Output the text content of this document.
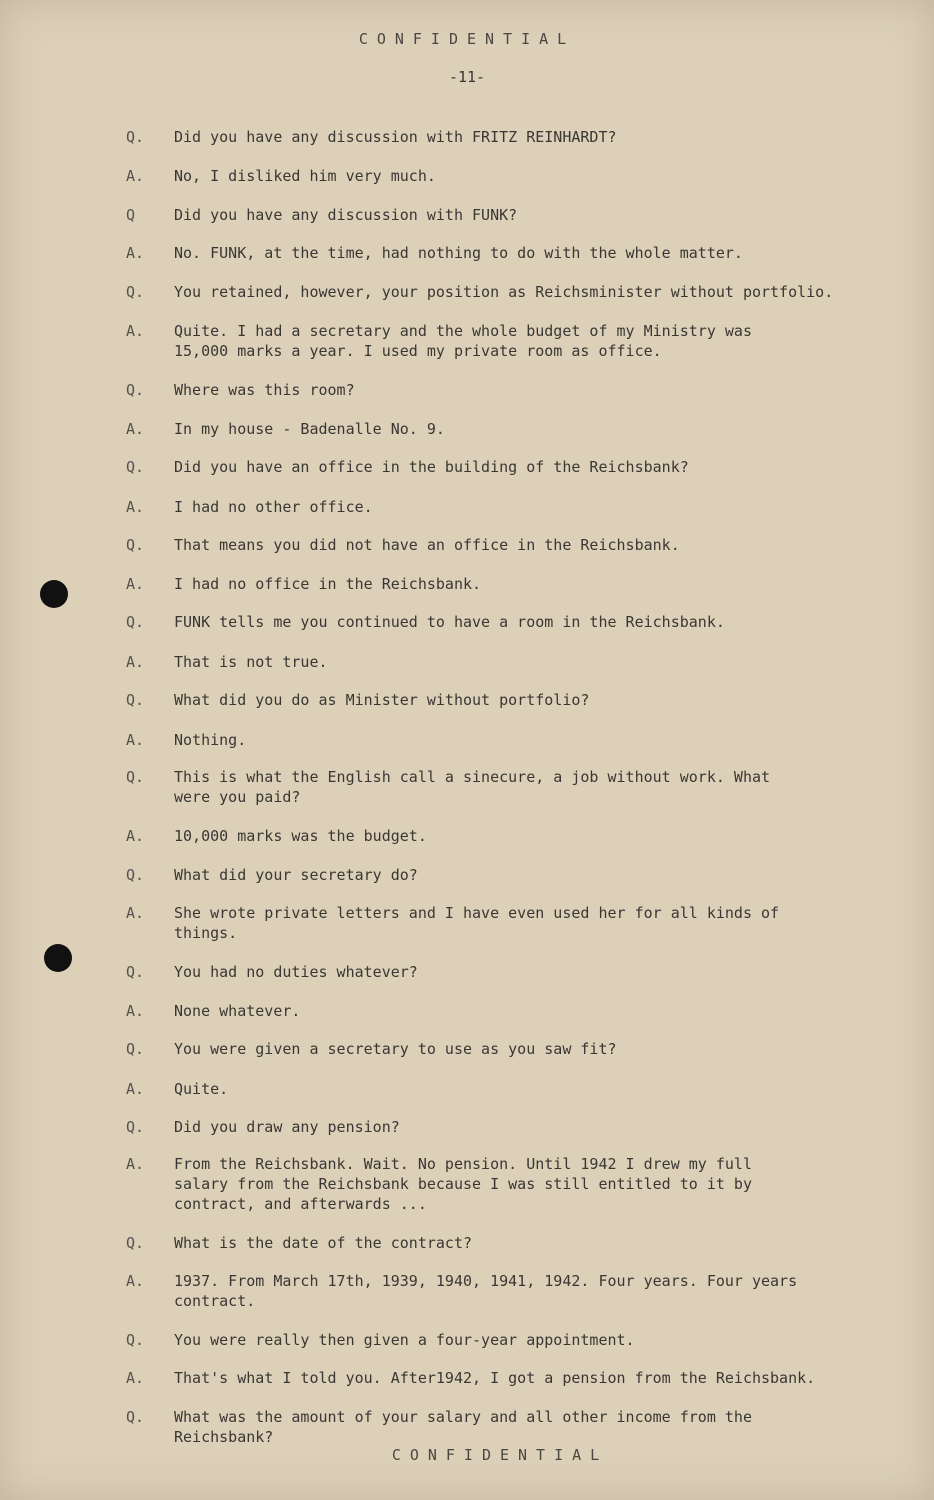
CONFIDENTIAL
-11-
Q.	Did you have any discussion with FRITZ REINHARDT?
A.	No, I disliked him very much.
Q	Did you have any discussion with FUNK?
A.	No. FUNK, at the time, had nothing to do with the whole matter.
Q.	You retained, however, your position as Reichsminister without portfolio.
A.	Quite. I had a secretary and the whole budget of my Ministry was
15,000 marks a year. I used my private room as office.
Q.	Where was this room?
A.	In my house - Badenalle No. 9.
Q.	Did you have an office in the building of the Reichsbank?
A.	I had no other office.
Q.	That means you did not have an office in the Reichsbank.
A.	I had no office in the Reichsbank.
Q.	FUNK tells me you continued to have a room in the Reichsbank.
A.	That is not true.
Q.	What did you do as Minister without portfolio?
A.	Nothing.
Q.	This is what the English call a sinecure, a job without work. What
were you paid?
A.	10,000 marks was the budget.
Q.	What did your secretary do?
A.	She wrote private letters and I have even used her for all kinds of
things.
Q.	You had no duties whatever?
A.	None whatever.
Q.	You were given a secretary to use as you saw fit?
A.	Quite.
Q.	Did you draw any pension?
A.	From the Reichsbank. Wait. No pension. Until 1942 I drew my full
salary from the Reichsbank because I was still entitled to it by
contract, and afterwards ...
Q.	What is the date of the contract?
A.	1937. From March 17th, 1939, 1940, 1941, 1942. Four years. Four years
contract.
Q.	You were really then given a four-year appointment.
A.	That's what I told you. After1942, I got a pension from the Reichsbank.
Q.	What was the amount of your salary and all other income from the
Reichsbank?
CONFIDENTIAL
